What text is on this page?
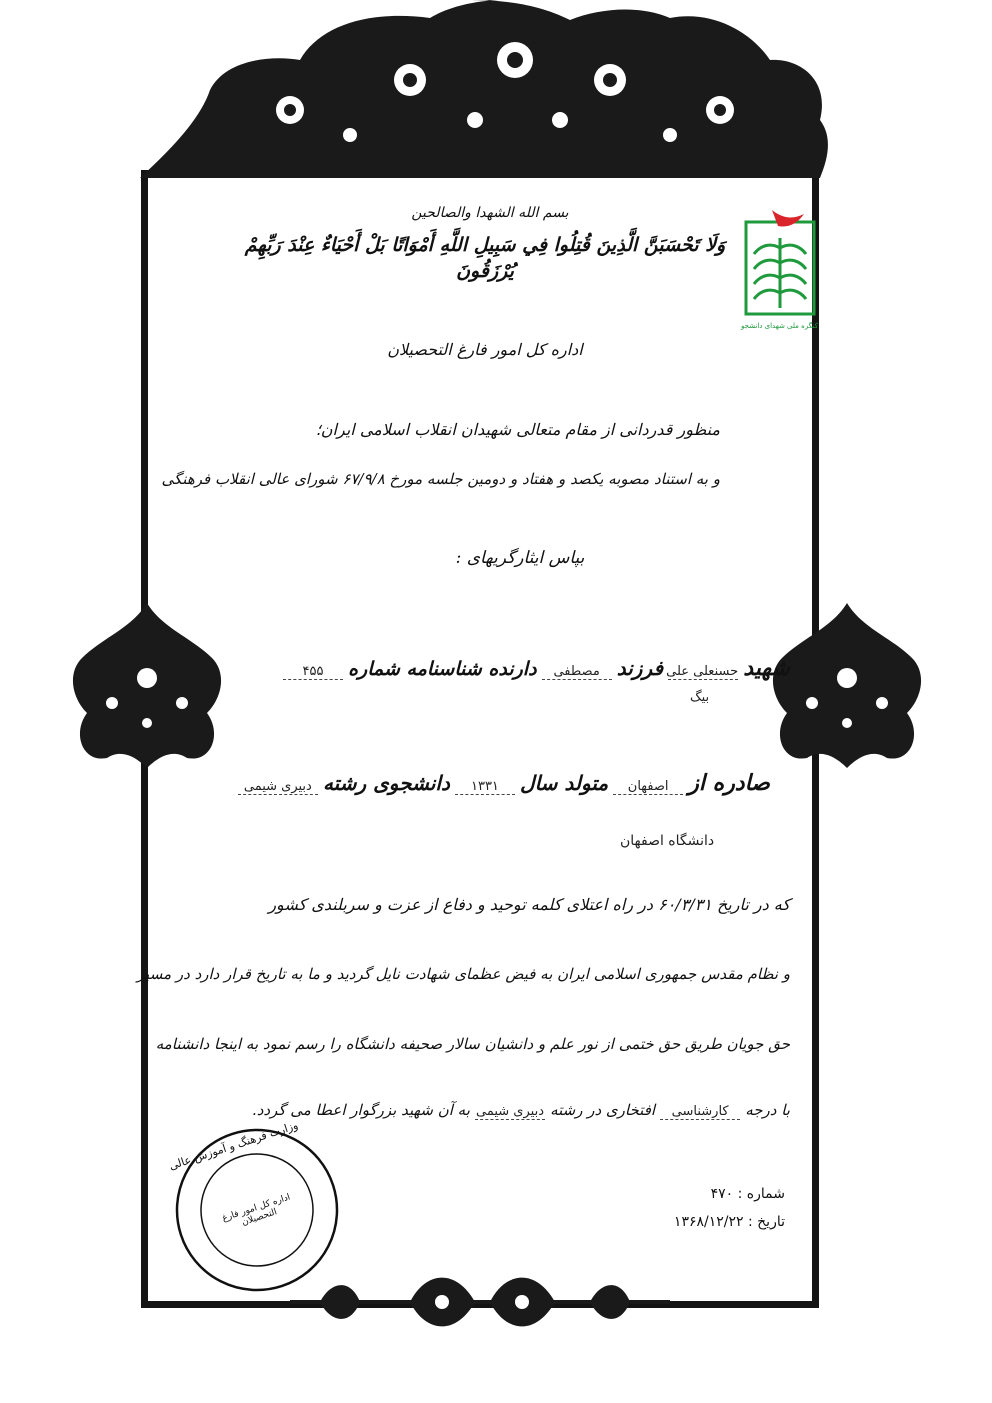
کنگره ملی شهدای دانشجو
بسم الله الشهدا والصالحین
وَلَا تَحْسَبَنَّ الَّذِينَ قُتِلُوا فِي سَبِيلِ اللَّهِ أَمْوَاتًا بَلْ أَحْيَاءٌ عِنْدَ رَبِّهِمْ يُرْزَقُونَ
اداره کل امور فارغ التحصیلان
منظور قدردانی از مقام متعالی شهیدان انقلاب اسلامی ایران؛
و به استناد مصوبه یکصد و هفتاد و دومین جلسه مورخ ۶۷/۹/۸ شورای عالی انقلاب فرهنگی
بپاس ایثارگریهای :
شهید حسنعلی علی فرزند مصطفی دارنده شناسنامه شماره ۴۵۵
بیگ
صادره از اصفهان متولد سال ۱۳۳۱ دانشجوی رشته دبیری شیمی
دانشگاه اصفهان
که در تاریخ ۶۰/۳/۳۱ در راه اعتلای کلمه توحید و دفاع از عزت و سربلندی کشور
و نظام مقدس جمهوری اسلامی ایران به فیض عظمای شهادت نایل گردید و ما به تاریخ قرار دارد در مسیر
حق جویان طریق حق ختمی از نور علم و دانشیان سالار صحیفه دانشگاه را رسم نمود به اینجا دانشنامه
با درجه کارشناسی افتخاری در رشته دبیری شیمی به آن شهید بزرگوار اعطا می گردد.
شماره : ۴۷۰
تاریخ : ۱۳۶۸/۱۲/۲۲
وزارت فرهنگ و آموزش عالی
اداره کل امور فارغ التحصیلان
